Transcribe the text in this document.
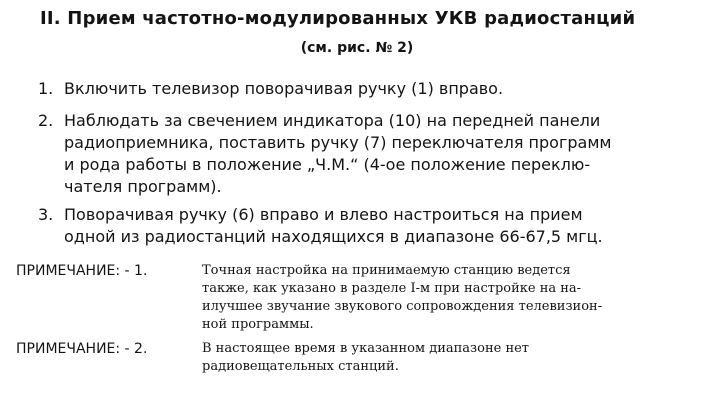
II. Прием частотно-модулированных УКВ радиостанций
(см. рис. № 2)
1. Включить телевизор поворачивая ручку (1) вправо.
2. Наблюдать за свечением индикатора (10) на передней панели
радиоприемника, поставить ручку (7) переключателя программ
и рода работы в положение „Ч.М.“ (4-ое положение переклю-
чателя программ).
3. Поворачивая ручку (6) вправо и влево настроиться на прием
одной из радиостанций находящихся в диапазоне 66-67,5 мгц.
ПРИМЕЧАНИЕ: - 1.	Точная настройка на принимаемую станцию ведется
также, как указано в разделе I-м при настройке на на-
илучшее звучание звукового сопровождения телевизион-
ной программы.
ПРИМЕЧАНИЕ: - 2.	В настоящее время в указанном диапазоне нет
радиовещательных станций.
